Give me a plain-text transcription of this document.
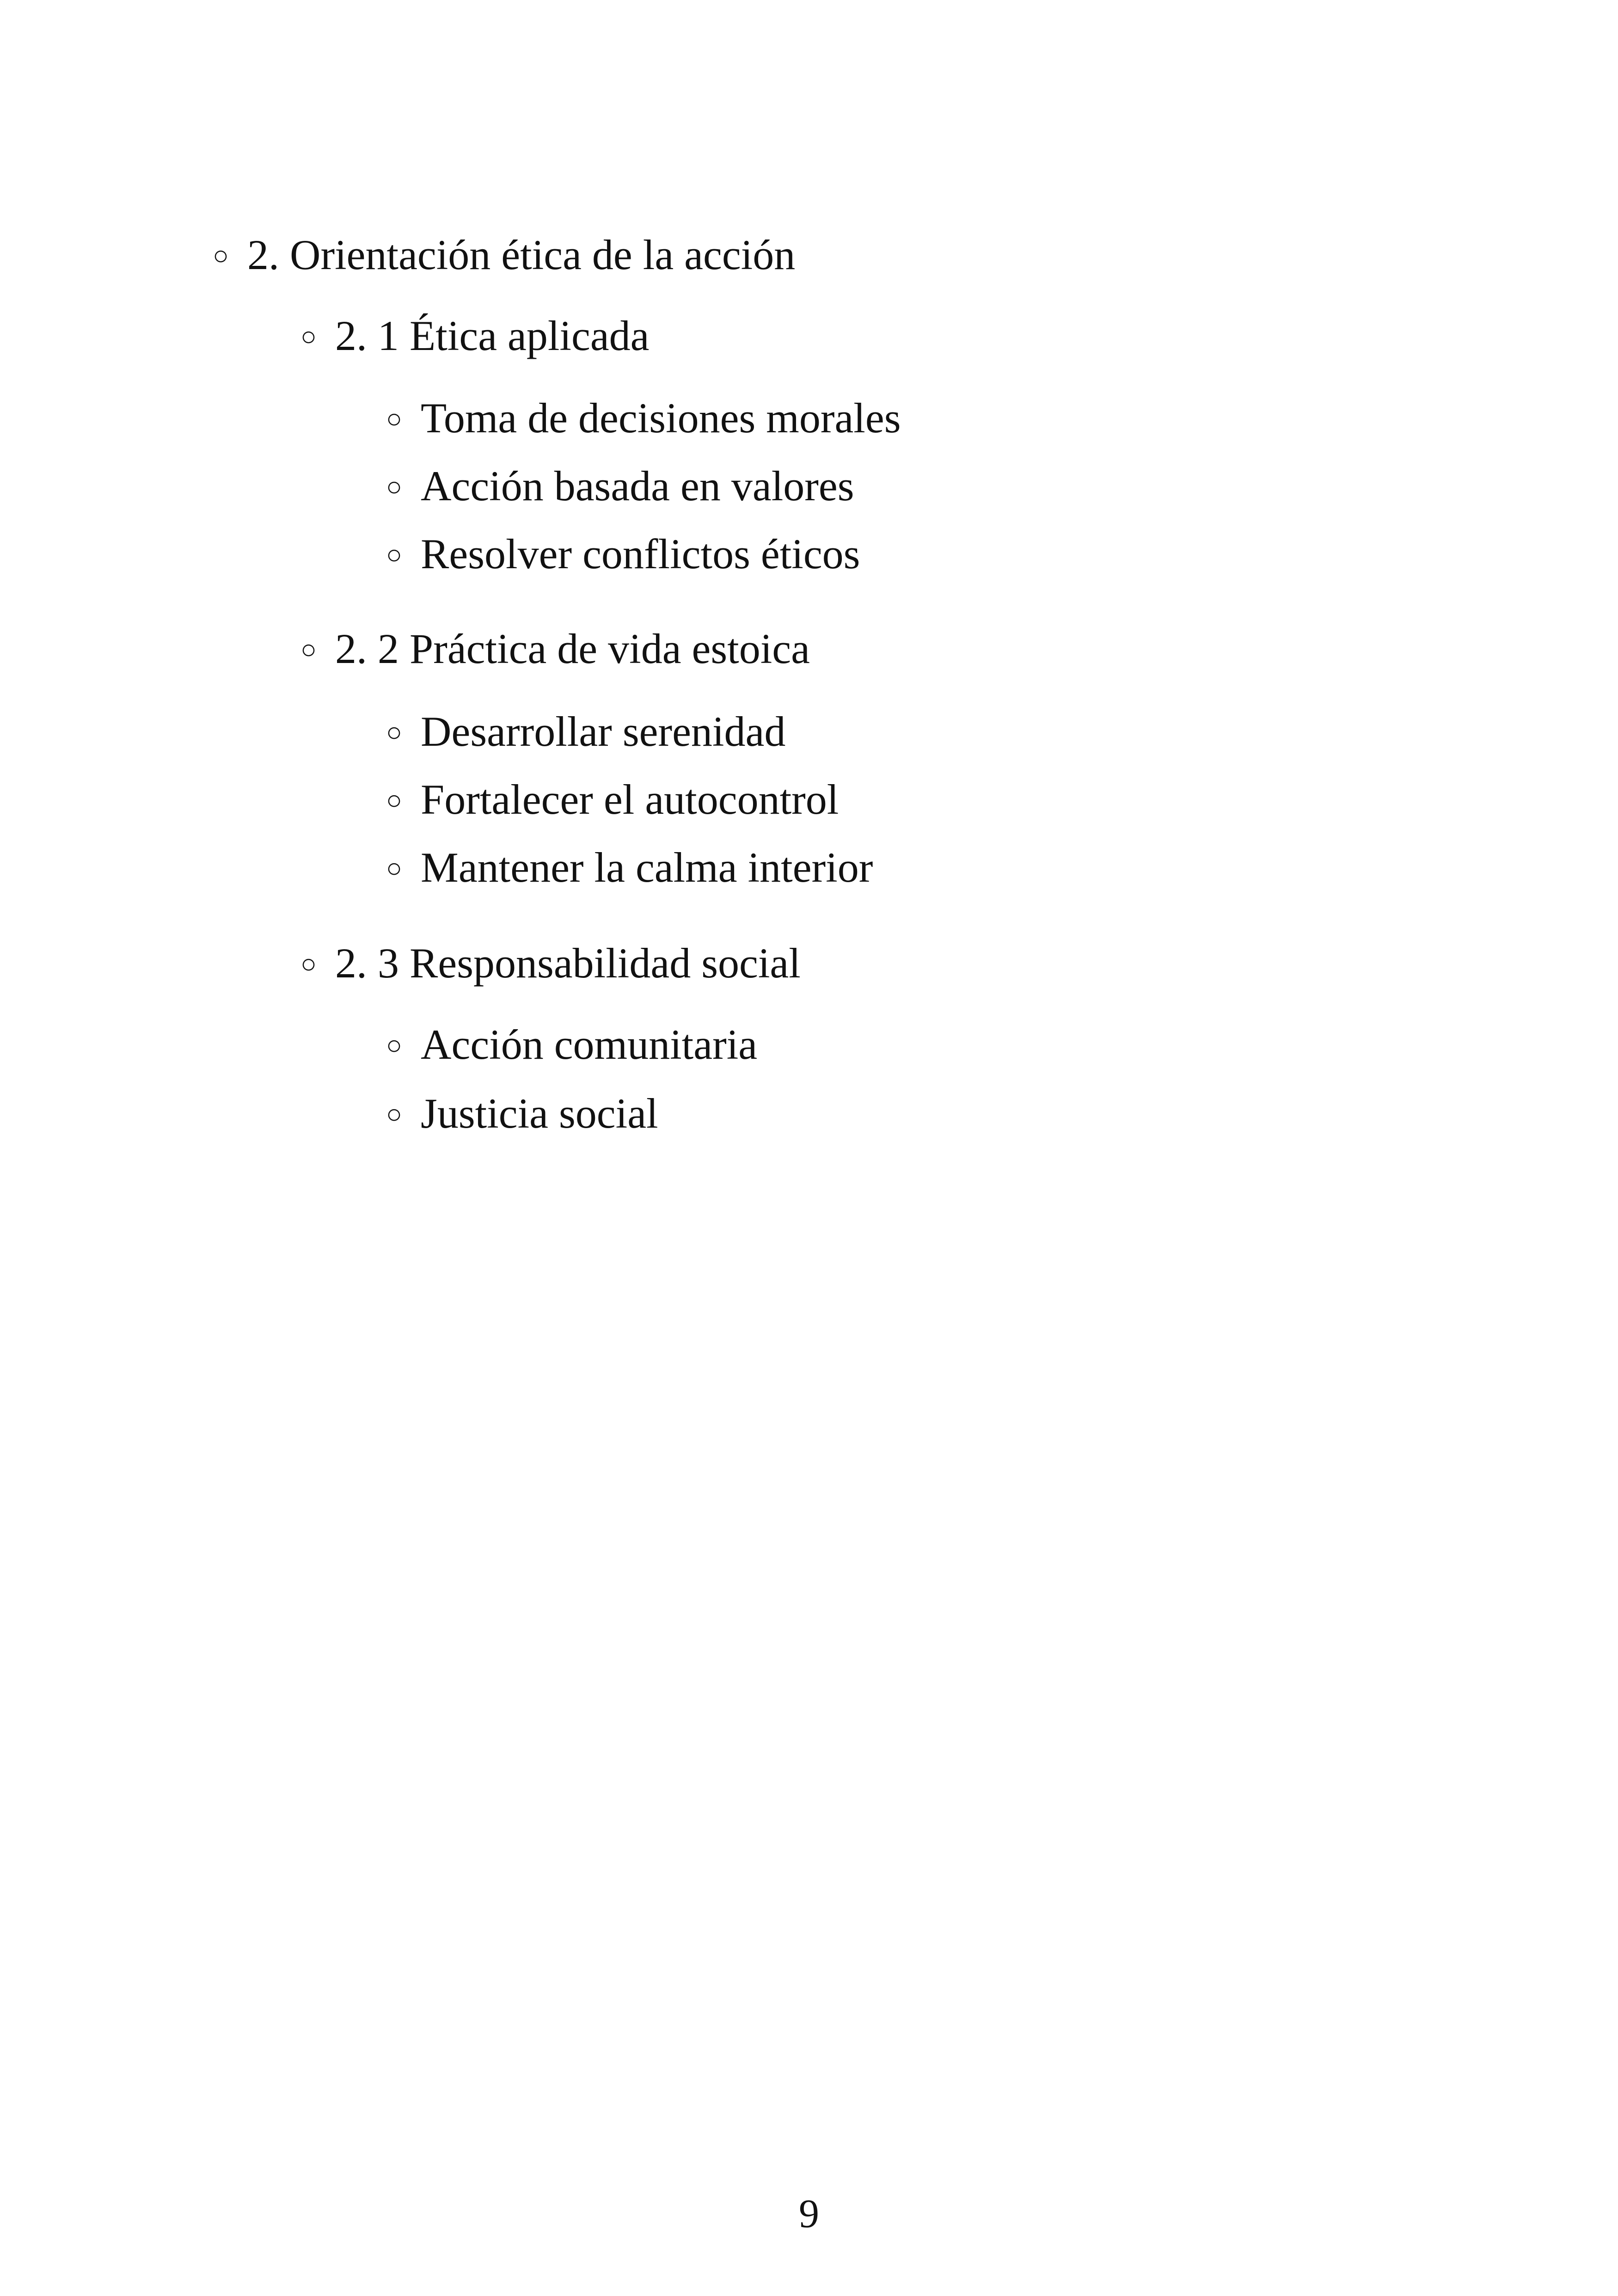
○ 2. Orientación ética de la acción
○ 2. 1 Ética aplicada
○ Toma de decisiones morales
○ Acción basada en valores
○ Resolver conflictos éticos
○ 2. 2 Práctica de vida estoica
○ Desarrollar serenidad
○ Fortalecer el autocontrol
○ Mantener la calma interior
○ 2. 3 Responsabilidad social
○ Acción comunitaria
○ Justicia social
9
